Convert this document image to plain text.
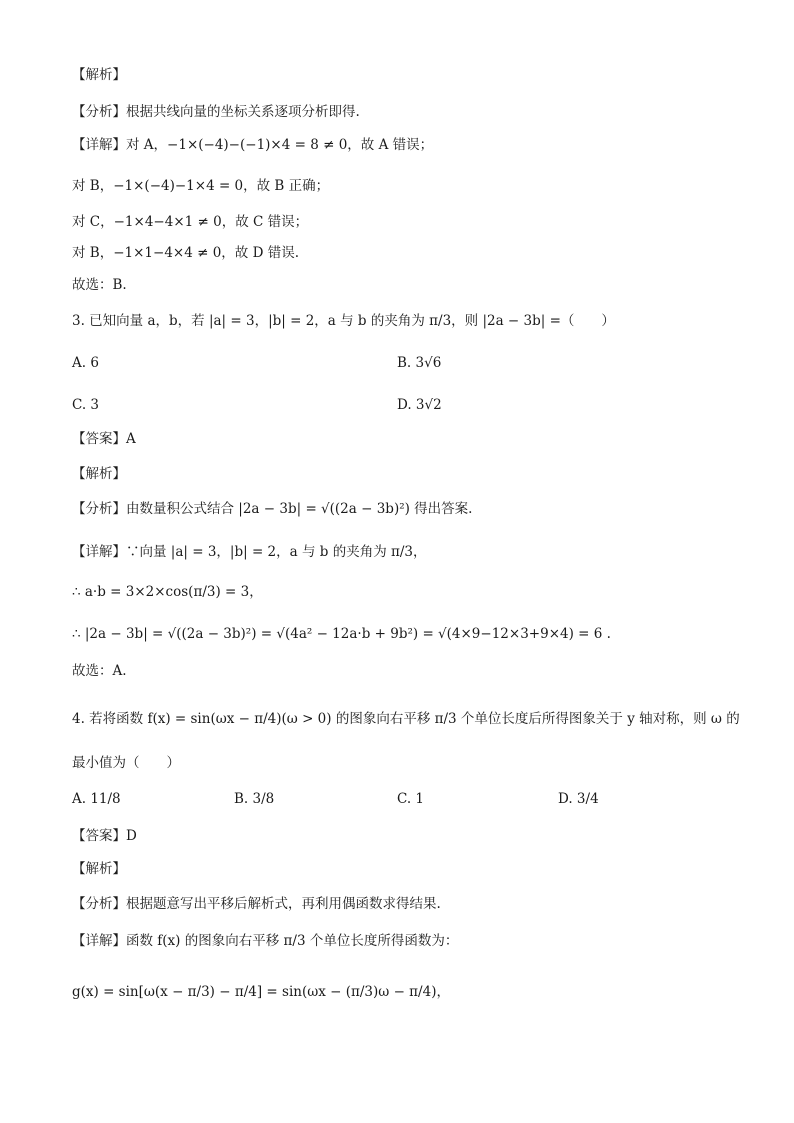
【解析】
【分析】根据共线向量的坐标关系逐项分析即得.
【详解】对 A，−1×(−4)−(−1)×4 = 8 ≠ 0，故 A 错误；
对 B，−1×(−4)−1×4 = 0，故 B 正确；
对 C，−1×4−4×1 ≠ 0，故 C 错误；
对 B，−1×1−4×4 ≠ 0，故 D 错误.
故选：B.
3. 已知向量 a，b，若 |a| = 3，|b| = 2，a 与 b 的夹角为 π/3，则 |2a − 3b| =（　　）
A. 6	B. 3√6
C. 3	D. 3√2
【答案】A
【解析】
【分析】由数量积公式结合 |2a − 3b| = √((2a − 3b)²) 得出答案.
【详解】∵向量 |a| = 3，|b| = 2，a 与 b 的夹角为 π/3，
∴ a·b = 3×2×cos(π/3) = 3，
∴ |2a − 3b| = √((2a − 3b)²) = √(4a² − 12a·b + 9b²) = √(4×9−12×3+9×4) = 6 .
故选：A.
4. 若将函数 f(x) = sin(ωx − π/4)(ω > 0) 的图象向右平移 π/3 个单位长度后所得图象关于 y 轴对称，则 ω 的
最小值为（　　）
A. 11/8	B. 3/8	C. 1	D. 3/4
【答案】D
【解析】
【分析】根据题意写出平移后解析式，再利用偶函数求得结果.
【详解】函数 f(x) 的图象向右平移 π/3 个单位长度所得函数为：
g(x) = sin[ω(x − π/3) − π/4] = sin(ωx − (π/3)ω − π/4)，
